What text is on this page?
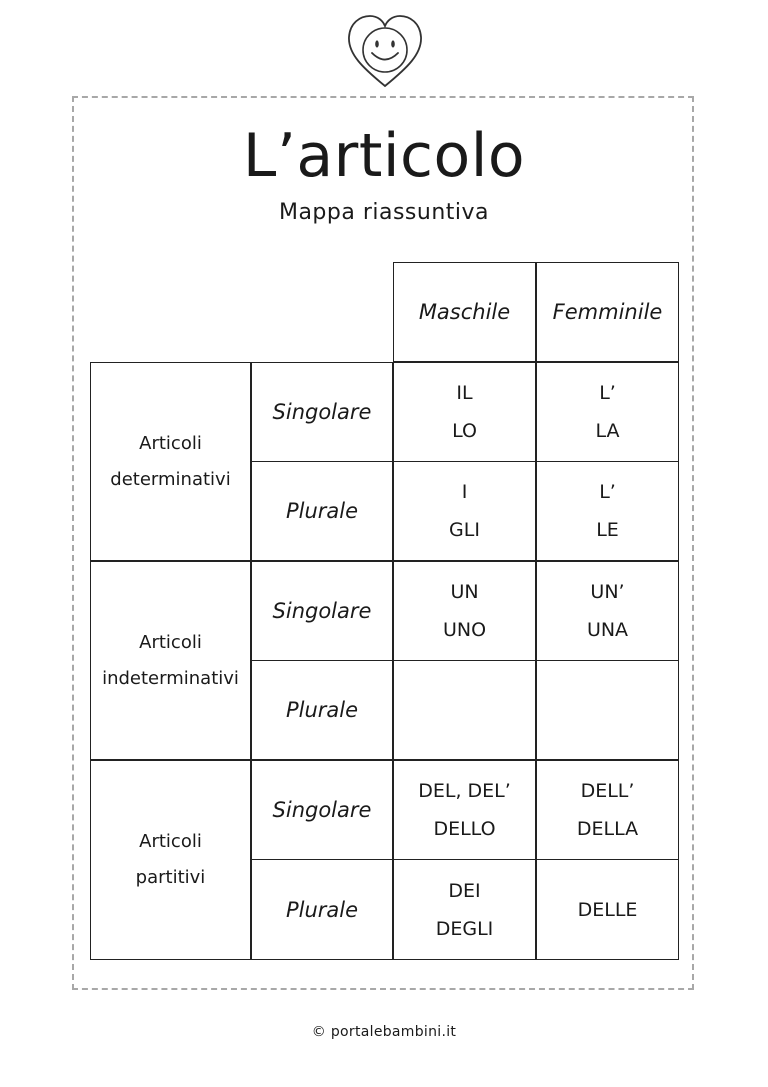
L’articolo
Mappa riassuntiva
Maschile	Femminile
Articoli
determinativi
Singolare
IL
LO
L’
LA
Plurale
I
GLI
L’
LE
Articoli
indeterminativi
Singolare
UN
UNO
UN’
UNA
Plurale
Articoli
partitivi
Singolare
DEL, DEL’
DELLO
DELL’
DELLA
Plurale
DEI
DEGLI
DELLE
© portalebambini.it
